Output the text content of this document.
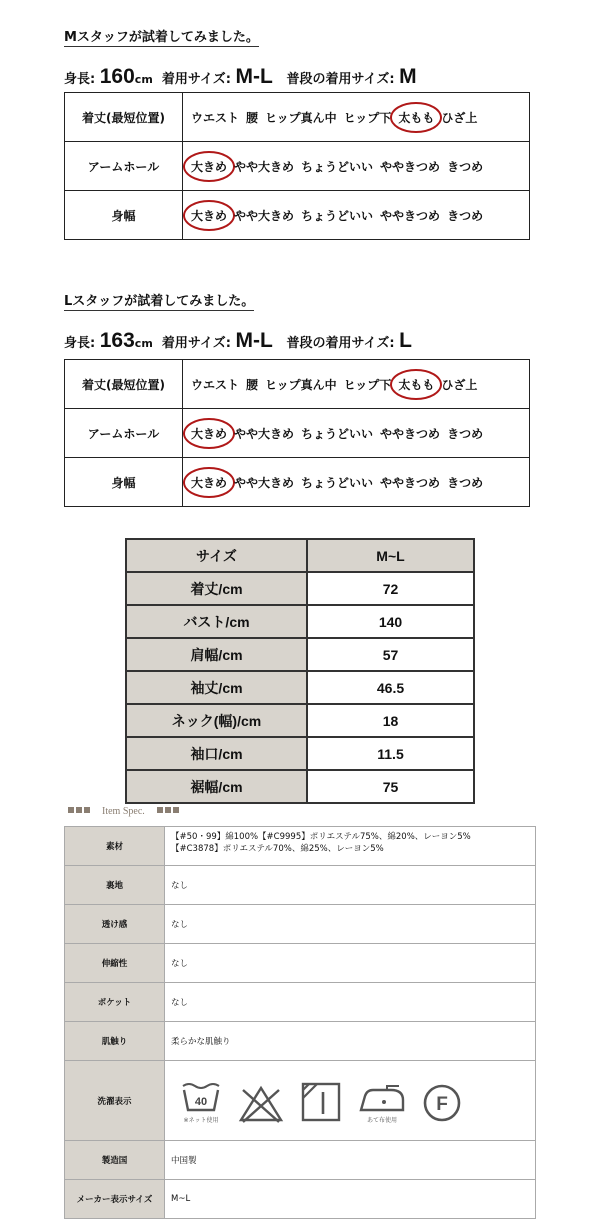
Mスタッフが試着してみました。
身長: 160cm 着用サイズ: M-L 普段の着用サイズ: M
着丈(最短位置)	ウエスト 腰 ヒップ真ん中 ヒップ下 太もも ひざ上
アームホール	大きめ やや大きめ ちょうどいい ややきつめ きつめ
身幅	大きめ やや大きめ ちょうどいい ややきつめ きつめ
Lスタッフが試着してみました。
身長: 163cm 着用サイズ: M-L 普段の着用サイズ: L
着丈(最短位置)	ウエスト 腰 ヒップ真ん中 ヒップ下 太もも ひざ上
アームホール	大きめ やや大きめ ちょうどいい ややきつめ きつめ
身幅	大きめ やや大きめ ちょうどいい ややきつめ きつめ
サイズ	M~L
着丈/cm	72
バスト/cm	140
肩幅/cm	57
袖丈/cm	46.5
ネック(幅)/cm	18
袖口/cm	11.5
裾幅/cm	75
Item Spec.
素材	【#50・99】綿100%【#C9995】ポリエステル75%、綿20%、レーヨン5%
【#C3878】ポリエステル70%、綿25%、レーヨン5%

裏地	なし
透け感	なし
伸縮性	なし
ポケット	なし
肌触り	柔らかな肌触り
洗濯表示	40
※ネット使用 あて布使用
F

製造国	中国製
メーカー表示サイズ	M~L
